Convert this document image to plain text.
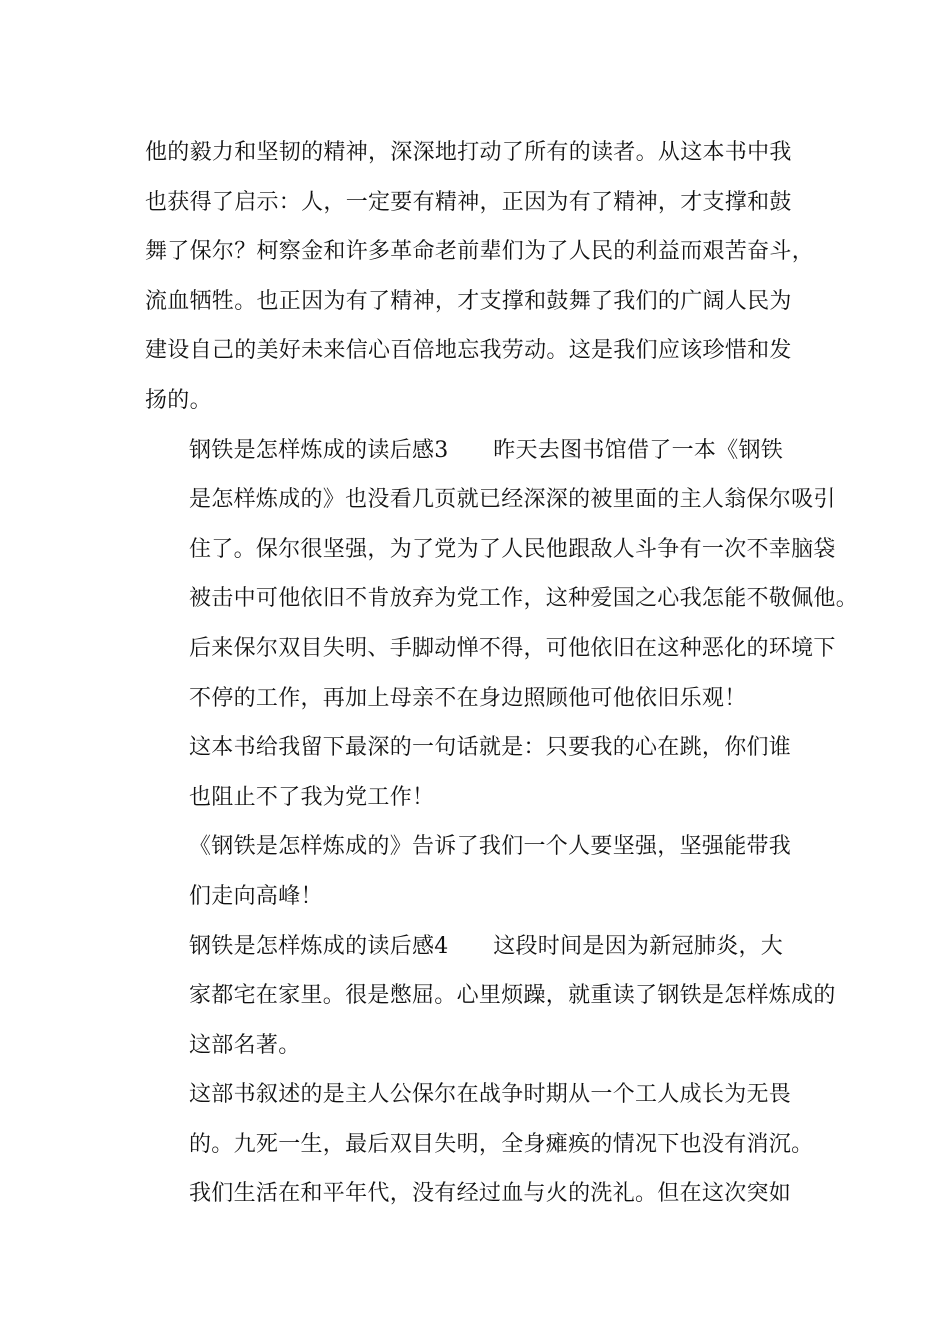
他的毅力和坚韧的精神，深深地打动了所有的读者。从这本书中我
也获得了启示：人，一定要有精神，正因为有了精神，才支撑和鼓
舞了保尔？柯察金和许多革命老前辈们为了人民的利益而艰苦奋斗，
流血牺牲。也正因为有了精神，才支撑和鼓舞了我们的广阔人民为
建设自己的美好未来信心百倍地忘我劳动。这是我们应该珍惜和发
扬的。

钢铁是怎样炼成的读后感3　　昨天去图书馆借了一本《钢铁
是怎样炼成的》也没看几页就已经深深的被里面的主人翁保尔吸引
住了。保尔很坚强，为了党为了人民他跟敌人斗争有一次不幸脑袋
被击中可他依旧不肯放弃为党工作，这种爱国之心我怎能不敬佩他。
后来保尔双目失明、手脚动惮不得，可他依旧在这种恶化的环境下
不停的工作，再加上母亲不在身边照顾他可他依旧乐观！

这本书给我留下最深的一句话就是：只要我的心在跳，你们谁
也阻止不了我为党工作！

《钢铁是怎样炼成的》告诉了我们一个人要坚强，坚强能带我
们走向高峰！

钢铁是怎样炼成的读后感4　　这段时间是因为新冠肺炎，大
家都宅在家里。很是憋屈。心里烦躁，就重读了钢铁是怎样炼成的
这部名著。

这部书叙述的是主人公保尔在战争时期从一个工人成长为无畏
的。九死一生，最后双目失明，全身瘫痪的情况下也没有消沉。

我们生活在和平年代，没有经过血与火的洗礼。但在这次突如
